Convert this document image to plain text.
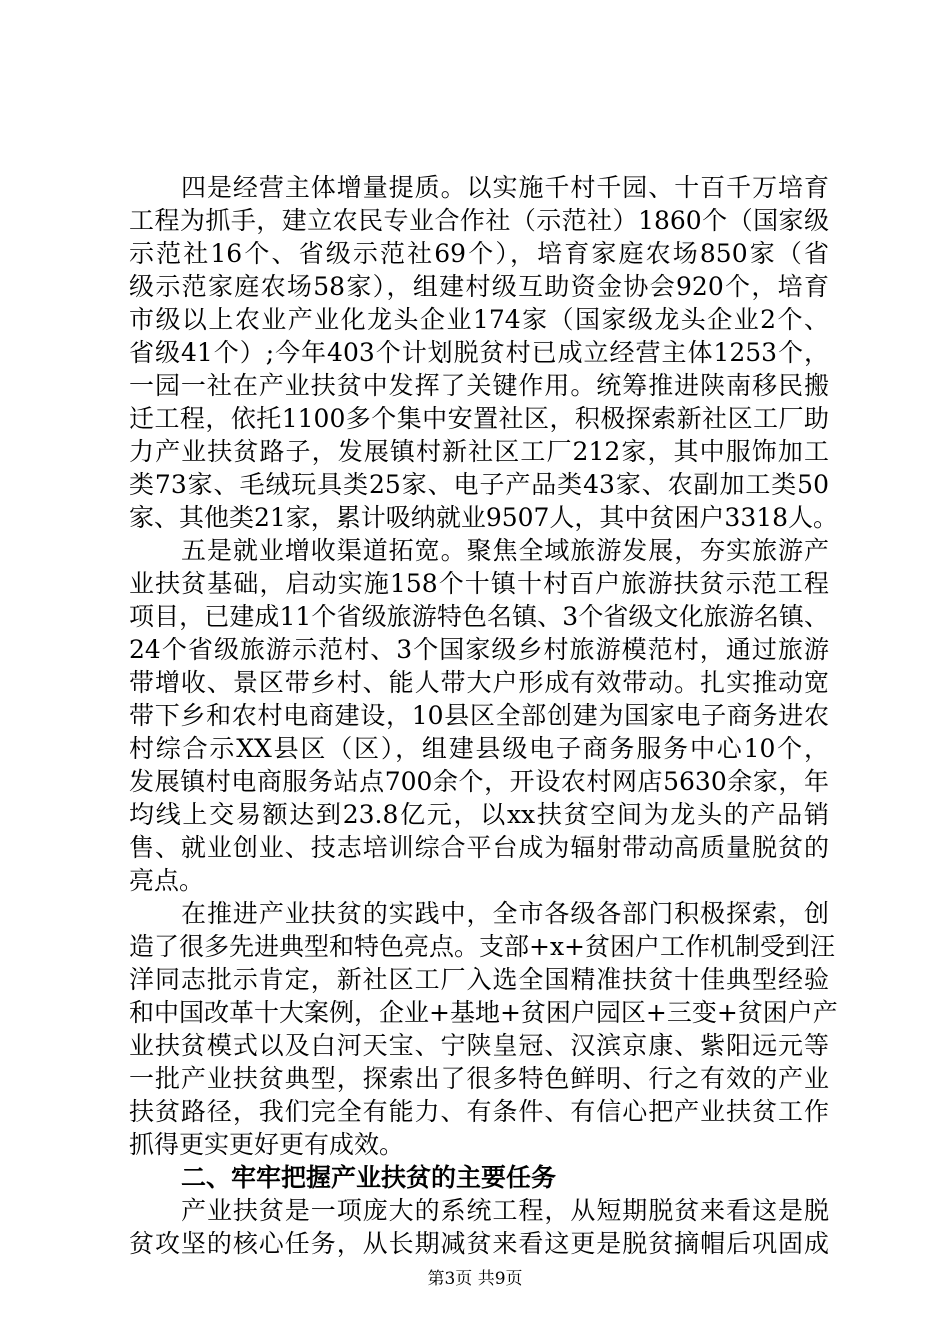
四是经营主体增量提质。以实施千村千园、十百千万培育
工程为抓手，建立农民专业合作社（示范社）1860个（国家级
示范社16个、省级示范社69个），培育家庭农场850家（省
级示范家庭农场58家），组建村级互助资金协会920个，培育
市级以上农业产业化龙头企业174家（国家级龙头企业2个、
省级41个）;今年403个计划脱贫村已成立经营主体1253个，
一园一社在产业扶贫中发挥了关键作用。统筹推进陕南移民搬
迁工程，依托1100多个集中安置社区，积极探索新社区工厂助
力产业扶贫路子，发展镇村新社区工厂212家，其中服饰加工
类73家、毛绒玩具类25家、电子产品类43家、农副加工类50
家、其他类21家，累计吸纳就业9507人，其中贫困户3318人。
五是就业增收渠道拓宽。聚焦全域旅游发展，夯实旅游产
业扶贫基础，启动实施158个十镇十村百户旅游扶贫示范工程
项目，已建成11个省级旅游特色名镇、3个省级文化旅游名镇、
24个省级旅游示范村、3个国家级乡村旅游模范村，通过旅游
带增收、景区带乡村、能人带大户形成有效带动。扎实推动宽
带下乡和农村电商建设，10县区全部创建为国家电子商务进农
村综合示XX县区（区），组建县级电子商务服务中心10个，
发展镇村电商服务站点700余个，开设农村网店5630余家，年
均线上交易额达到23.8亿元，以xx扶贫空间为龙头的产品销
售、就业创业、技志培训综合平台成为辐射带动高质量脱贫的
亮点。
在推进产业扶贫的实践中，全市各级各部门积极探索，创
造了很多先进典型和特色亮点。支部+x+贫困户工作机制受到汪
洋同志批示肯定，新社区工厂入选全国精准扶贫十佳典型经验
和中国改革十大案例，企业+基地+贫困户园区+三变+贫困户产
业扶贫模式以及白河天宝、宁陕皇冠、汉滨京康、紫阳远元等
一批产业扶贫典型，探索出了很多特色鲜明、行之有效的产业
扶贫路径，我们完全有能力、有条件、有信心把产业扶贫工作
抓得更实更好更有成效。
二、牢牢把握产业扶贫的主要任务
产业扶贫是一项庞大的系统工程，从短期脱贫来看这是脱
贫攻坚的核心任务，从长期减贫来看这更是脱贫摘帽后巩固成
第3页 共9页
